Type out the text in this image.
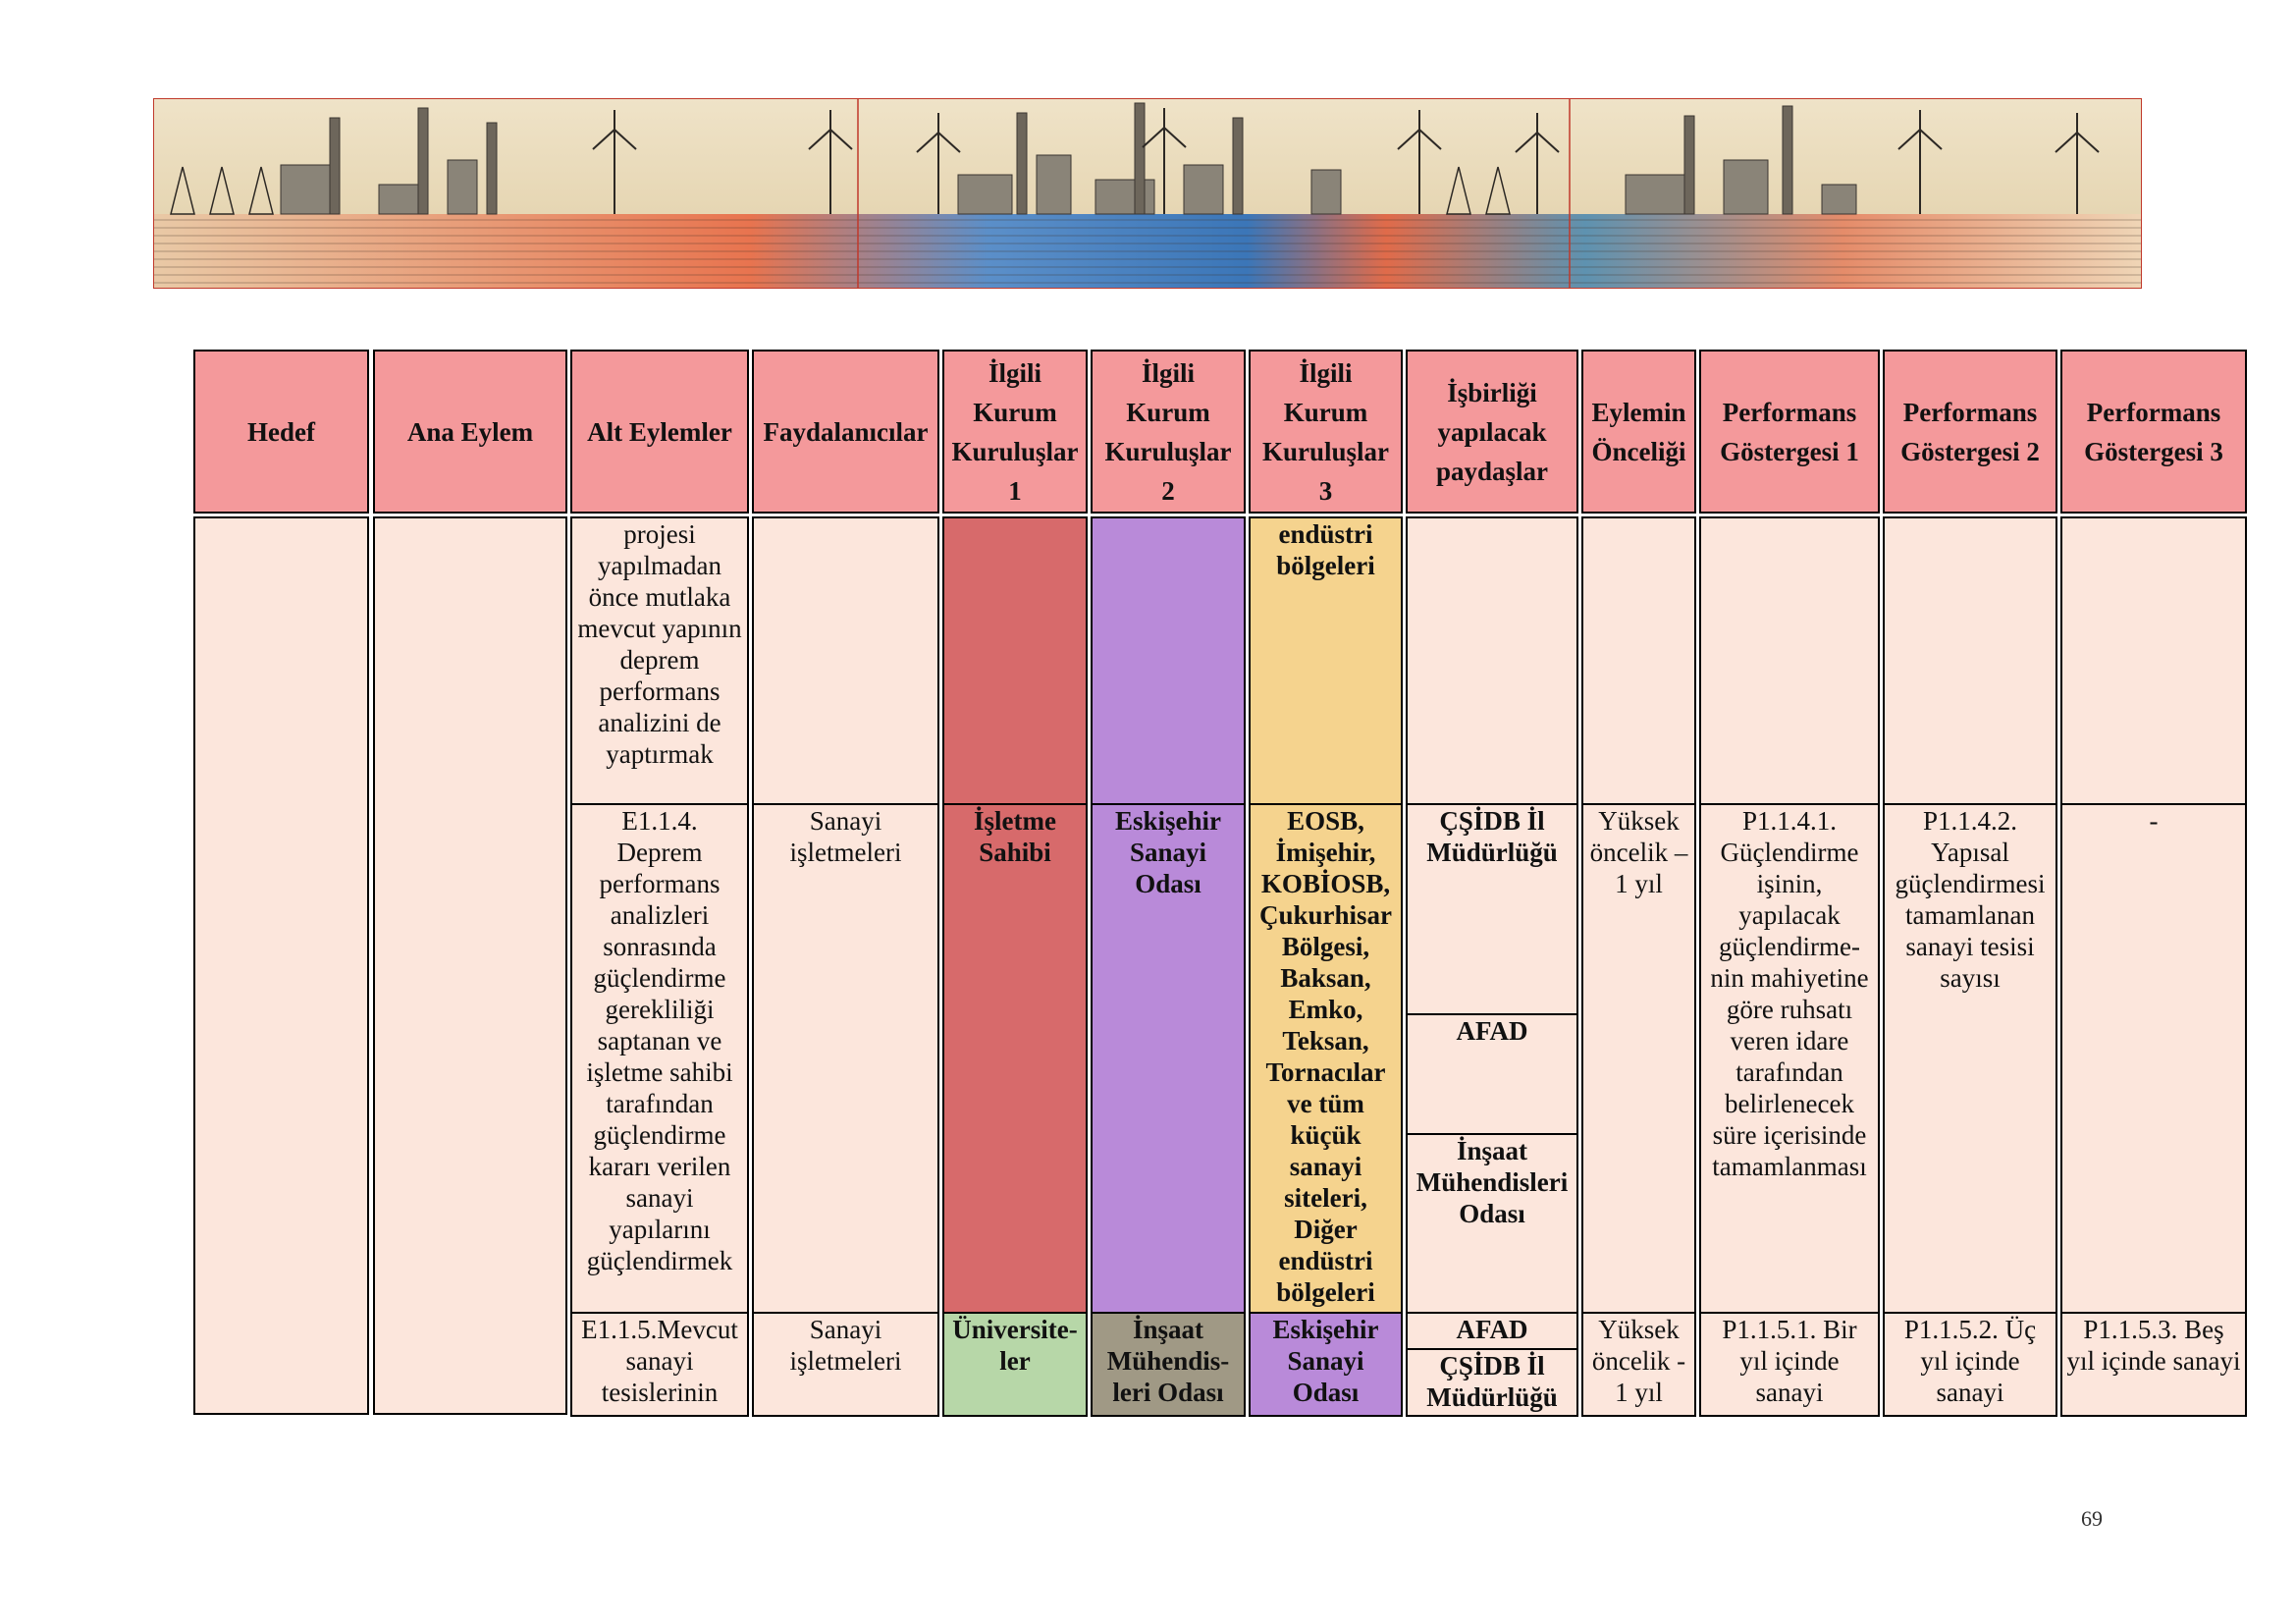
Hedef	Ana Eylem Alt Eylemler Faydalanıcılar
İlgili Kurum Kuruluşlar 1
İlgili Kurum Kuruluşlar 2
İlgili Kurum Kuruluşlar 3
İşbirliği yapılacak paydaşlar
Eylemin Önceliği
Performans Göstergesi 1
Performans Göstergesi 2
Performans Göstergesi 3
projesi yapılmadan önce mutlaka mevcut yapının deprem performans analizini de yaptırmak
endüstri bölgeleri
E1.1.4. Deprem performans analizleri sonrasında güçlendirme gerekliliği saptanan ve işletme sahibi tarafından güçlendirme kararı verilen sanayi yapılarını güçlendirmek
Sanayi işletmeleri
İşletme Sahibi
Eskişehir Sanayi Odası
EOSB, İmişehir, KOBİOSB, Çukurhisar Bölgesi, Baksan, Emko, Teksan, Tornacılar ve tüm küçük sanayi siteleri, Diğer endüstri bölgeleri
ÇŞİDB İl Müdürlüğü
AFAD
İnşaat Mühendisleri Odası
Yüksek öncelik – 1 yıl
P1.1.4.1. Güçlendirme işinin, yapılacak güçlendirme-nin mahiyetine göre ruhsatı veren idare tarafından belirlenecek süre içerisinde tamamlanması
P1.1.4.2. Yapısal güçlendirmesi tamamlanan sanayi tesisi sayısı
-
E1.1.5.Mevcut sanayi tesislerinin
Sanayi işletmeleri
Üniversite-ler
İnşaat Mühendis-leri Odası
Eskişehir Sanayi Odası
AFAD
ÇŞİDB İl Müdürlüğü
Yüksek öncelik - 1 yıl
P1.1.5.1. Bir yıl içinde sanayi
P1.1.5.2. Üç yıl içinde sanayi
P1.1.5.3. Beş yıl içinde sanayi
69
